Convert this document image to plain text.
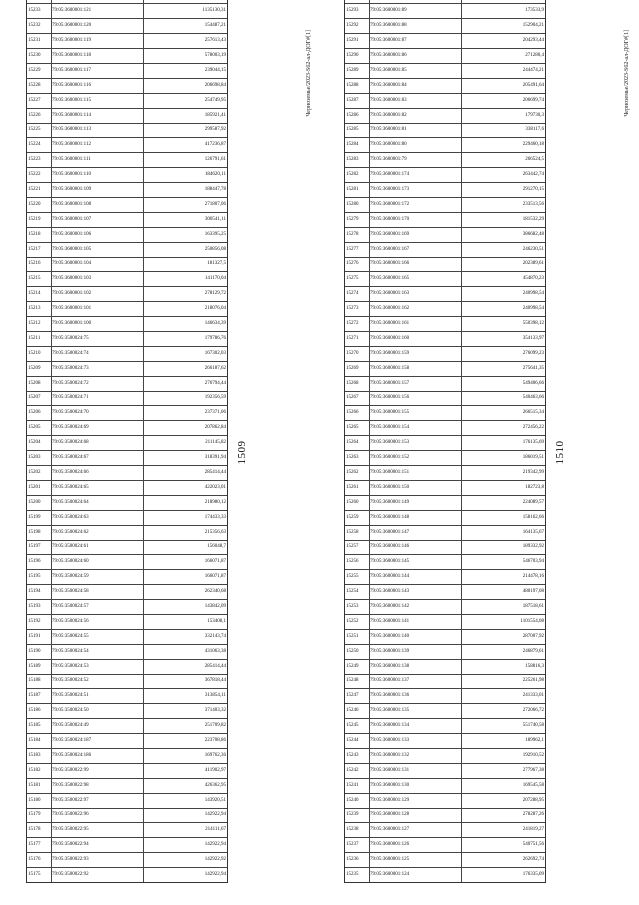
15175	79:05:3500022:92	142922,94
15176	79:05:3500022:93	142922,92
15177	79:05:3500022:94	142922,94
15178	79:05:3500022:95	214111,67
15179	79:05:3500022:96	142922,94
15180	79:05:3500022:97	143920,51
15181	79:05:3500022:98	426362,95
15182	79:05:3500022:99	411902,97
15183	79:05:3500024:186	169762,36
15184	79:05:3500024:187	223708,86
15185	79:05:3500024:49	251709,82
15186	79:05:3500024:50	371403,32
15187	79:05:3500024:51	313854,11
15188	79:05:3500024:52	367818,44
15189	79:05:3500024:53	285414,44
15190	79:05:3500024:54	431063,38
15191	79:05:3500024:55	332143,74
15192	79:05:3500024:56	153408,1
15193	79:05:3500024:57	143842,09
15194	79:05:3500024:58	262340,68
15195	79:05:3500024:59	166071,87
15196	79:05:3500024:60	166071,87
15197	79:05:3500024:61	156048,7
15198	79:05:3500024:62	215356,63
15199	79:05:3500024:63	174433,33
15200	79:05:3500024:64	218980,12
15201	79:05:3500024:65	422023,01
15202	79:05:3500024:66	285414,44
15203	79:05:3500024:67	318391,94
15204	79:05:3500024:68	211145,82
15205	79:05:3500024:69	207862,84
15206	79:05:3500024:70	237371,06
15207	79:05:3500024:71	192356,59
15208	79:05:3500024:72	276794,44
15209	79:05:3500024:73	266187,62
15210	79:05:3500024:74	167302,03
15211	79:05:3500024:75	179786,76
15212	79:05:3600001:100	146634,39
15213	79:05:3600001:101	218076,04
15214	79:05:3600001:102	278129,72
15215	79:05:3600001:103	141170,04
15216	79:05:3600001:104	181327,5
15217	79:05:3600001:105	250856,08
15218	79:05:3600001:106	163395,25
15219	79:05:3600001:107	300541,11
15220	79:05:3600001:108	271807,06
15221	79:05:3600001:109	188447,78
15222	79:05:3600001:110	184620,11
15223	79:05:3600001:111	126791,61
15224	79:05:3600001:112	417236,87
15225	79:05:3600001:113	299587,92
15226	79:05:3600001:114	185921,41
15227	79:05:3600001:115	254749,95
15228	79:05:3600001:116	206698,84
15229	79:05:3600001:117	239044,15
15230	79:05:3600001:118	578003,19
15231	79:05:3600001:119	257613,43
15232	79:05:3600001:120	154487,21
15233	79:05:3600001:121	1135130,31
1509
Черноземье/2023-S62-ал-ДОГ#[1]
15235	79:05:3600001:124	176335,09
15236	79:05:3600001:125	262692,74
15237	79:05:3600001:126	540751,56
15238	79:05:3600001:127	241819,27
15239	79:05:3600001:128	278287,26
15240	79:05:3600001:129	207288,95
15241	79:05:3600001:130	169545,58
15242	79:05:3600001:131	277967,38
15243	79:05:3600001:132	192910,52
15244	79:05:3600001:133	189962,1
15245	79:05:3600001:134	551740,58
15246	79:05:3600001:135	272066,72
15247	79:05:3600001:136	241333,01
15248	79:05:3600001:137	225261,98
15249	79:05:3600001:138	158816,3
15250	79:05:3600001:139	246879,61
15251	79:05:3600001:140	287007,92
15252	79:05:3600001:141	1101554,08
15253	79:05:3600001:142	187518,61
15254	79:05:3600001:143	480197,08
15255	79:05:3600001:144	214478,16
15256	79:05:3600001:145	546703,94
15257	79:05:3600001:146	189332,92
15258	79:05:3600001:147	164135,67
15259	79:05:3600001:148	158162,66
15260	79:05:3600001:149	224089,57
15261	79:05:3600001:150	182723,8
15262	79:05:3600001:151	219342,99
15263	79:05:3600001:152	186019,51
15264	79:05:3600001:153	176135,69
15265	79:05:3600001:154	272456,22
15266	79:05:3600001:155	266515,34
15267	79:05:3600001:156	540463,66
15268	79:05:3600001:157	549406,66
15269	79:05:3600001:158	275641,35
15270	79:05:3600001:159	276099,23
15271	79:05:3600001:160	354133,97
15272	79:05:3600001:161	550398,12
15273	79:05:3600001:162	240998,54
15274	79:05:3600001:163	240998,54
15275	79:05:3600001:165	454870,23
15276	79:05:3600001:166	202389,61
15277	79:05:3600001:167	246230,51
15278	79:05:3600001:169	386682,48
15279	79:05:3600001:170	181532,29
15280	79:05:3600001:172	233513,56
15281	79:05:3600001:173	291270,15
15282	79:05:3600001:174	263442,74
15283	79:05:3600001:79	266524,5
15284	79:05:3600001:80	229460,18
15285	79:05:3600001:81	338117,6
15286	79:05:3600001:82	179730,3
15287	79:05:3600001:83	206699,74
15288	79:05:3600001:84	205491,64
15289	79:05:3600001:85	244474,21
15290	79:05:3600001:86	271280,4
15291	79:05:3600001:87	204293,44
15292	79:05:3600001:88	152904,21
15293	79:05:3600001:89	173533,9
1510
Черноземье/2023-S62-ал-ДОГ#[1]
